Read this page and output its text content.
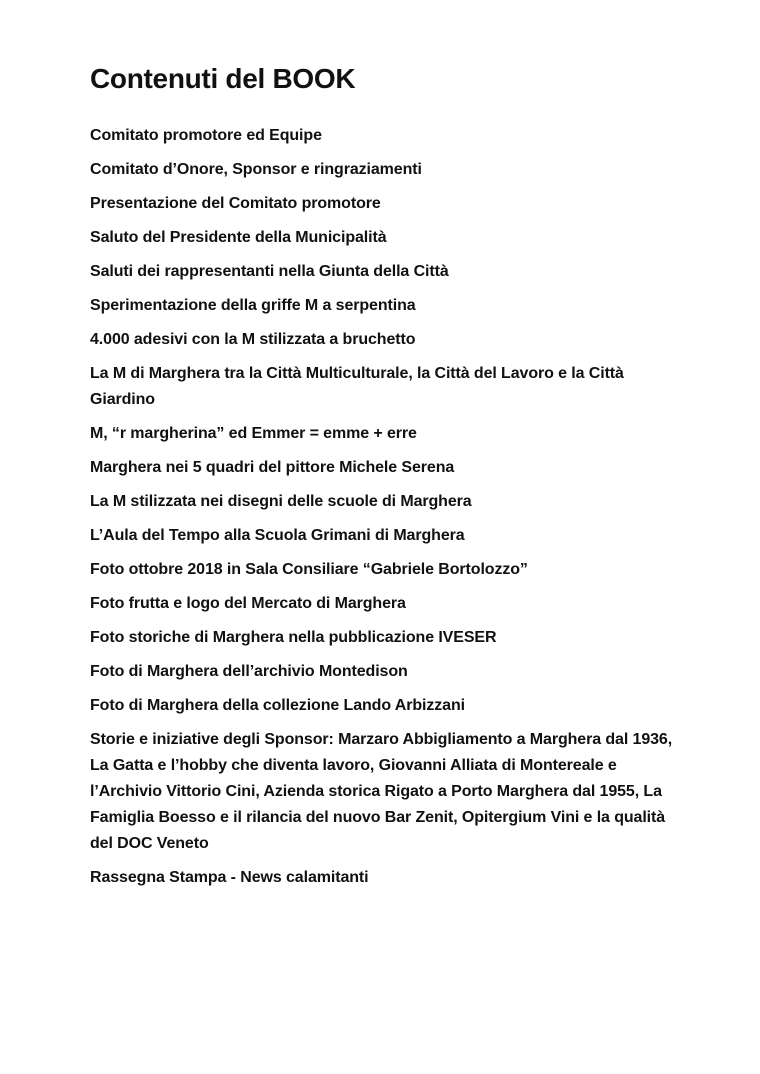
Contenuti del BOOK

Comitato promotore ed Equipe

Comitato d’Onore, Sponsor e ringraziamenti

Presentazione del Comitato promotore

Saluto del Presidente della Municipalità

Saluti dei rappresentanti nella Giunta della Città

Sperimentazione della griffe M a serpentina

4.000 adesivi con la M stilizzata a bruchetto

La M di Marghera tra la Città Multiculturale, la Città del Lavoro e la Città Giardino

M, “r margherina” ed Emmer = emme + erre

Marghera nei 5 quadri del pittore Michele Serena

La M stilizzata nei disegni delle scuole di Marghera

L’Aula del Tempo alla Scuola Grimani di Marghera

Foto ottobre 2018 in Sala Consiliare “Gabriele Bortolozzo”

Foto frutta e logo del Mercato di Marghera

Foto storiche di Marghera nella pubblicazione IVESER

Foto di Marghera dell’archivio Montedison

Foto di Marghera della collezione Lando Arbizzani

Storie e iniziative degli Sponsor: Marzaro Abbigliamento a Marghera dal 1936, La Gatta e l’hobby che diventa lavoro, Giovanni Alliata di Montereale e l’Archivio Vittorio Cini, Azienda storica Rigato a Porto Marghera dal 1955, La Famiglia Boesso e il rilancia del nuovo Bar Zenit, Opitergium Vini e la qualità del DOC Veneto

Rassegna Stampa - News calamitanti
